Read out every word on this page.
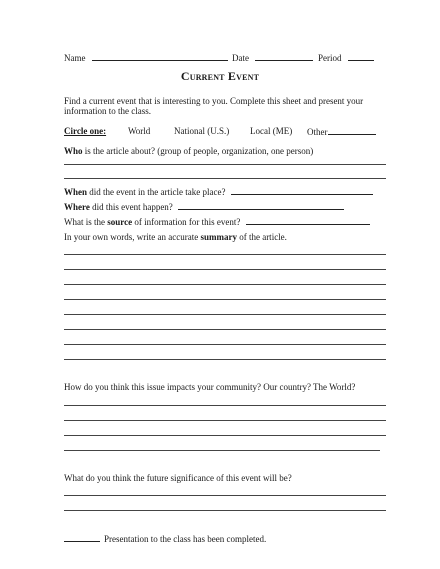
Name	Date	Period
Current Event
Find a current event that is interesting to you. Complete this sheet and present your
information to the class.
Circle one: World	National (U.S.) Local (ME) Other
Who is the article about? (group of people, organization, one person)
When did the event in the article take place?
Where did this event happen?
What is the source of information for this event?
In your own words, write an accurate summary of the article.
How do you think this issue impacts your community? Our country? The World?
What do you think the future significance of this event will be?
Presentation to the class has been completed.
